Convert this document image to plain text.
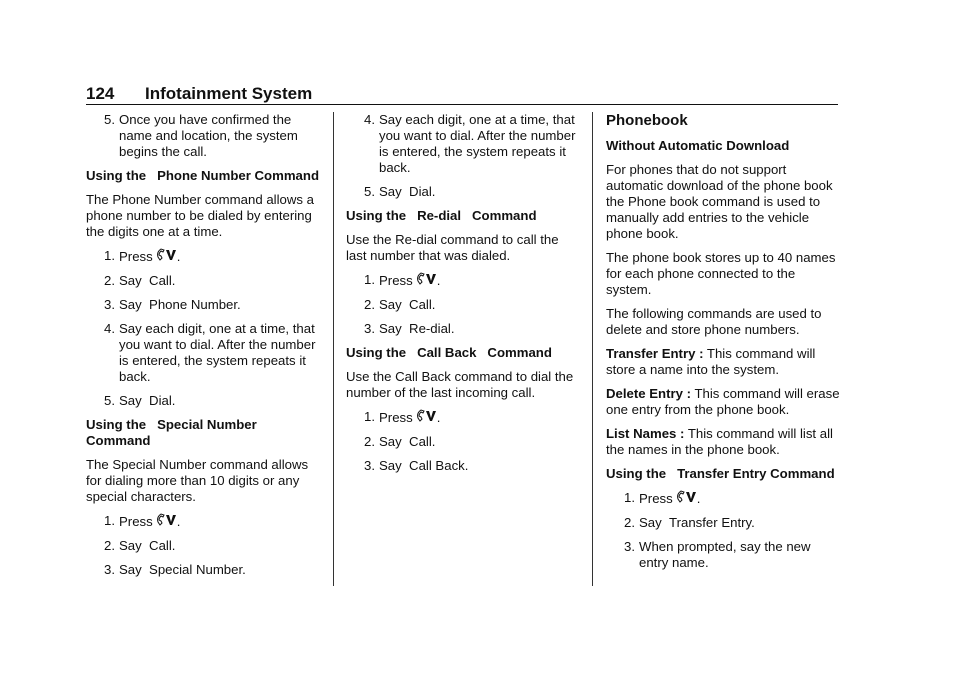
124 Infotainment System
5. Once you have confirmed the name and location, the system begins the call.

Using the   Phone Number Command

The Phone Number command allows a phone number to be dialed by entering the digits one at a time.

1. Press .
2. Say  Call.
3. Say  Phone Number.
4. Say each digit, one at a time, that you want to dial. After the number is entered, the system repeats it back.
5. Say  Dial.

Using the   Special Number Command

The Special Number command allows for dialing more than 10 digits or any special characters.

1. Press .
2. Say  Call.
3. Say  Special Number.
4. Say each digit, one at a time, that you want to dial. After the number is entered, the system repeats it back.
5. Say  Dial.

Using the   Re-dial   Command

Use the Re-dial command to call the last number that was dialed.

1. Press .
2. Say  Call.
3. Say  Re-dial.

Using the   Call Back   Command

Use the Call Back command to dial the number of the last incoming call.

1. Press .
2. Say  Call.
3. Say  Call Back.

Phonebook

Without Automatic Download

For phones that do not support automatic download of the phone book the Phone book command is used to manually add entries to the vehicle phone book.

The phone book stores up to 40 names for each phone connected to the system.

The following commands are used to delete and store phone numbers.

Transfer Entry : This command will store a name into the system.

Delete Entry : This command will erase one entry from the phone book.

List Names : This command will list all the names in the phone book.

Using the   Transfer Entry Command

1. Press .
2. Say  Transfer Entry.
3. When prompted, say the new entry name.
